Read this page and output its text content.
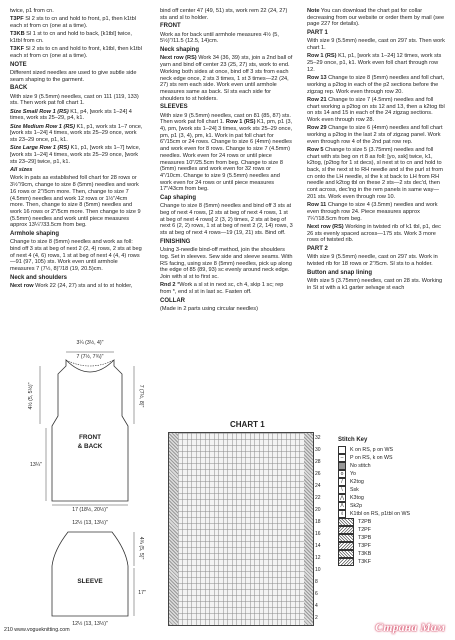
twice, p1 from cn.

T3PF Sl 2 sts to cn and hold to front, p1, then k1tbl each st from cn (one at a time).

T3KB Sl 1 st to cn and hold to back, [k1tbl] twice, k1tbl from cn.

T3KF Sl 2 sts to cn and hold to front, k1tbl, then k1tbl each st from cn (one at a time).

NOTE

Different sized needles are used to give subtle side seam shaping to the garment.

BACK

With size 9 (5.5mm) needles, cast on 111 (119, 133) sts. Then work pat foll chart 1.

Size Small Row 1 (RS) K1, p4, [work sts 1–24] 4 times, work sts 25–29, p4, k1.

Size Medium Row 1 (RS) K1, p1, work sts 1–7 once, [work sts 1–24] 4 times, work sts 25–29 once, work sts 23–29 once, p1, k1.

Size Large Row 1 (RS) K1, p1, [work sts 1–7] twice, [work sts 1–24] 4 times, work sts 25–29 once, [work sts 23–29] twice, p1, k1.

All sizes

Work in pats as established foll chart for 28 rows or 3½"/9cm, change to size 8 (5mm) needles and work 16 rows or 2"/5cm more. Then, change to size 7 (4.5mm) needles and work 12 rows or 1½"/4cm more. Then, change to size 8 (5mm) needles and work 16 rows or 2"/5cm more. Then change to size 9 (5.5mm) needles and work until piece measures approx 13¼"/33.5cm from beg.

Armhole shaping

Change to size 8 (5mm) needles and work as foll: bind off 3 sts at beg of next 2 (2, 4) rows, 2 sts at beg of next 4 (4, 6) rows, 1 st at beg of next 4 (4, 4) rows—91 (97, 105) sts. Work even until armhole measures 7 (7½, 8)"/18 (19, 20.5)cm.

Neck and shoulders

Next row Work 22 (24, 27) sts and sl to st holder,

3¼ (3½, 4)"
7 (7½, 7¾)"
FRONT
& BACK
4½ (5, 5½)"	7 (7½, 8)"
13¼"
17 (18½, 20½)"
12½ (13, 13½)"
SLEEVE
4¾ (5, 5)"
17"
12½ (13, 13½)"

bind off center 47 (49, 51) sts, work rem 22 (24, 27) sts and sl to holder.

FRONT

Work as for back until armhole measures 4½ (5, 5½)"/11.5 (12.5, 14)cm.

Neck shaping

Next row (RS) Work 34 (36, 39) sts, join a 2nd ball of yarn and bind off center 23 (25, 27) sts, work to end. Working both sides at once, bind off 3 sts from each neck edge once, 2 sts 3 times, 1 st 3 times—22 (24, 27) sts rem each side. Work even until armhole measures same as back. Sl sts each side for shoulders to st holders.

SLEEVES

With size 9 (5.5mm) needles, cast on 81 (85, 87) sts. Then work pat foll chart 1. Row 1 (RS) K1, pm, p1 (3, 4), pm, [work sts 1–24] 3 times, work sts 25–29 once, pm, p1 (3, 4), pm, k1. Work in pat foll chart for 6"/15cm or 24 rows. Change to size 6 (4mm) needles and work even for 8 rows. Change to size 7 (4.5mm) needles. Work even for 24 rows or until piece measures 10"/25.5cm from beg. Change to size 8 (5mm) needles and work even for 32 rows or 4"/10cm. Change to size 9 (5.5mm) needles and work even for 24 rows or until piece measures 17"/43cm from beg.

Cap shaping

Change to size 8 (5mm) needles and bind off 3 sts at beg of next 4 rows, [2 sts at beg of next 4 rows, 1 st at beg of next 4 rows] 2 (3, 2) times, 2 sts at beg of next 6 (2, 2) rows, 1 st at beg of next 2 (2, 14) rows, 3 sts at beg of next 4 rows—19 (19, 21) sts. Bind off.

FINISHING

Using 3-needle bind-off method, join the shoulders tog. Set in sleeves. Sew side and sleeve seams. With RS facing, using size 8 (5mm) needles, pick up along the edge of 85 (89, 93) sc evenly around neck edge. Join with sl st to first sc.

Rnd 2 *Work a sl st in next sc, ch 4, skip 1 sc; rep from *, end sl st in last sc. Fasten off.

COLLAR

(Made in 2 parts using circular needles)

Note You can download the chart pat for collar decreasing from our website or order them by mail (see page 227 for details).

PART 1

With size 9 (5.5mm) needle, cast on 297 sts. Then work chart 1.

Row 1 (RS) K1, p1, [work sts 1–24] 12 times, work sts 25–29 once, p1, k1. Work even foll chart through row 12.

Row 13 Change to size 8 (5mm) needles and foll chart, working a p2tog in each of the p2 sections before the zigzag rep. Work even through row 20.

Row 21 Change to size 7 (4.5mm) needles and foll chart working a p2tog on sts 12 and 13, then a k2tog tbl on sts 14 and 15 in each of the 24 zigzag sections. Work even through row 28.

Row 29 Change to size 6 (4mm) needles and foll chart working a p2tog in the last 2 sts of zigzag panel. Work even through row 4 of the 2nd pat row rep.

Row 5 Change to size 5 (3.75mm) needles and foll chart with sts beg on rt 8 as foll: [yo, ssk] twice, k1, k2tog, (p2tog for 1 st decs), sl next st to cn and hold to back, sl the next st to RH needle and sl the purl st from cn onto the LH needle, sl the k st back to LH from RH needle and k2tog tbl on these 2 sts—2 sts dec'd, then cont across, dec'ing in the rem panels in same way—201 sts. Work even through row 10.

Row 11 Change to size 4 (3.5mm) needles and work even through row 24. Piece measures approx 7¼"/18.5cm from beg.

Next row (RS) Working in twisted rib of k1 tbl, p1, dec 26 sts evenly spaced across—175 sts. Work 3 more rows of twisted rib.

PART 2

With size 9 (5.5mm) needle, cast on 297 sts. Work in twisted rib for 18 rows or 2"/5cm. Sl sts to a holder.

Button and snap lining

With size 5 (3.75mm) needles, cast on 28 sts. Working in St st with a k1 garter selvage st each

CHART 1
32
30
28
26
24
22
20
18
16
14
12
10
8
6
4
2
Stitch Key
K on RS, p on WS
–	P on RS, k on WS
No stitch
o	Yo
/	K2tog
\	Ssk
⋀	K3tog
Λ	Sk2p
ℓ	K1tbl on RS, p1tbl on WS
T2PB
T2PF
T3PB
T3PF
T3KB
T3KF
210 www.vogueknitting.com	Страна Мам
